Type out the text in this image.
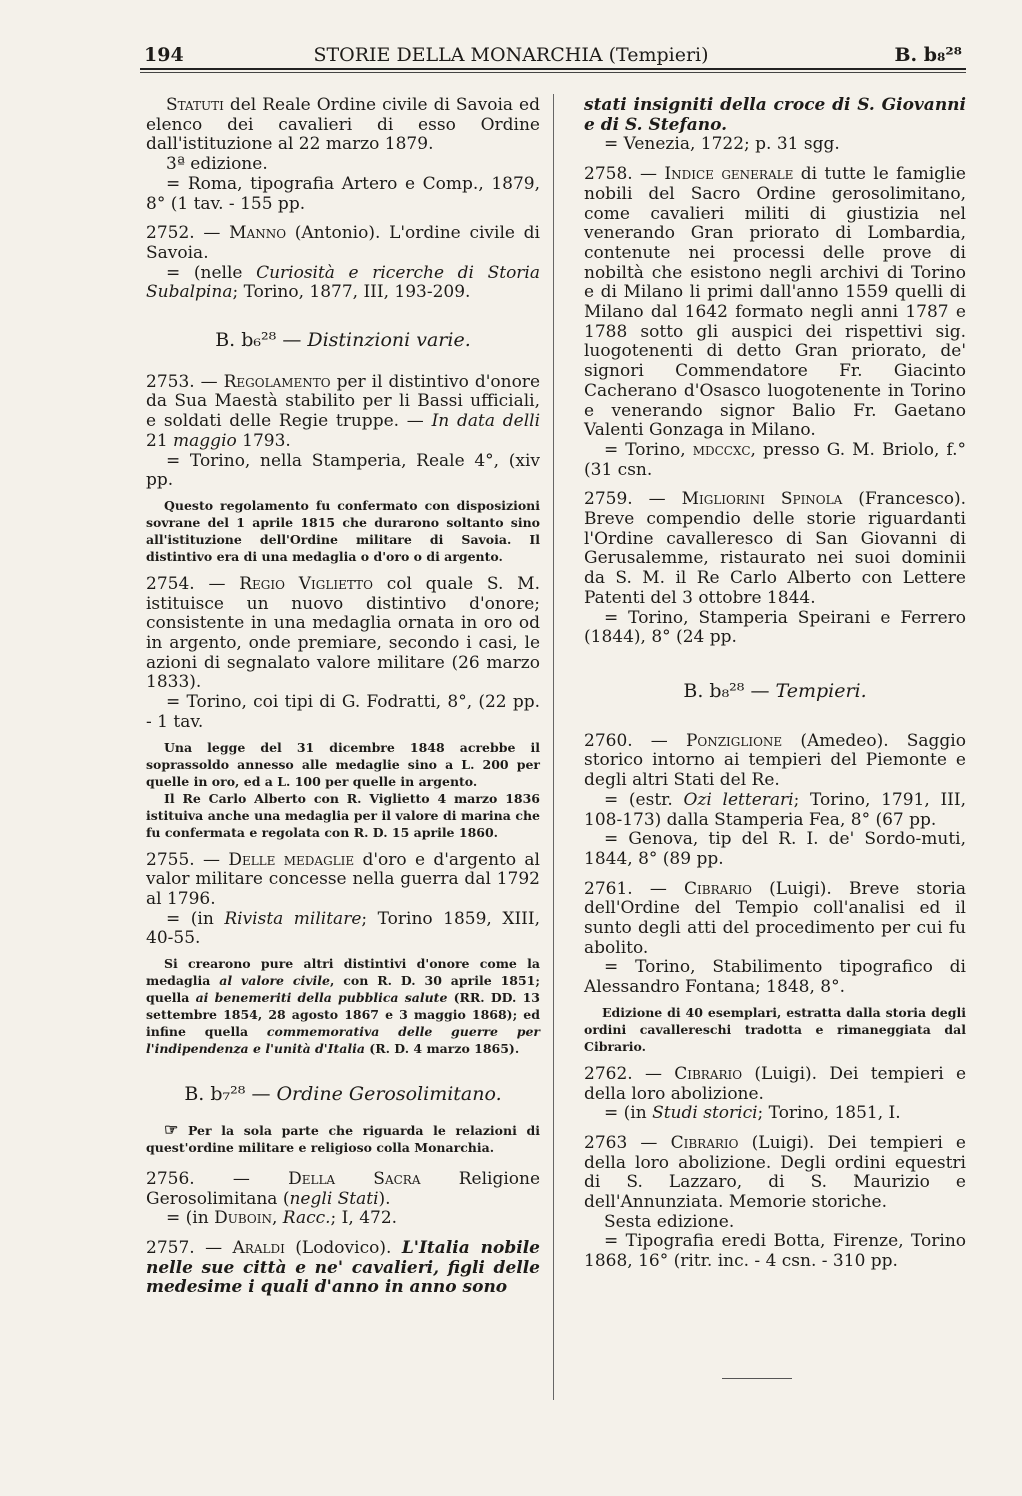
194	STORIE DELLA MONARCHIA (Tempieri)	B. b₈²⁸

Statuti del Reale Ordine civile di Savoia ed elenco dei cavalieri di esso Ordine dall'istituzione al 22 marzo 1879.

3ª edizione.

= Roma, tipografia Artero e Comp., 1879, 8° (1 tav. - 155 pp.

2752. — Manno (Antonio). L'ordine civile di Savoia.

= (nelle Curiosità e ricerche di Storia Subalpina; Torino, 1877, III, 193-209.

B. b₆²⁸ — Distinzioni varie.

2753. — Regolamento per il distintivo d'onore da Sua Maestà stabilito per li Bassi ufficiali, e soldati delle Regie truppe. — In data delli 21 maggio 1793.

= Torino, nella Stamperia, Reale 4°, (xiv pp.

Questo regolamento fu confermato con disposizioni sovrane del 1 aprile 1815 che durarono soltanto sino all'istituzione dell'Ordine militare di Savoia. Il distintivo era di una medaglia o d'oro o di argento.

2754. — Regio Viglietto col quale S. M. istituisce un nuovo distintivo d'onore; consistente in una medaglia ornata in oro od in argento, onde premiare, secondo i casi, le azioni di segnalato valore militare (26 marzo 1833).

= Torino, coi tipi di G. Fodratti, 8°, (22 pp. - 1 tav.

Una legge del 31 dicembre 1848 acrebbe il soprassoldo annesso alle medaglie sino a L. 200 per quelle in oro, ed a L. 100 per quelle in argento.

Il Re Carlo Alberto con R. Viglietto 4 marzo 1836 istituiva anche una medaglia per il valore di marina che fu confermata e regolata con R. D. 15 aprile 1860.

2755. — Delle medaglie d'oro e d'argento al valor militare concesse nella guerra dal 1792 al 1796.

= (in Rivista militare; Torino 1859, XIII, 40-55.

Si crearono pure altri distintivi d'onore come la medaglia al valore civile, con R. D. 30 aprile 1851; quella ai benemeriti della pubblica salute (RR. DD. 13 settembre 1854, 28 agosto 1867 e 3 maggio 1868); ed infine quella commemorativa delle guerre per l'indipendenza e l'unità d'Italia (R. D. 4 marzo 1865).

B. b₇²⁸ — Ordine Gerosolimitano.

☞ Per la sola parte che riguarda le relazioni di quest'ordine militare e religioso colla Monarchia.

2756. — Della Sacra Religione Gerosolimitana (negli Stati).

= (in Duboin, Racc.; I, 472.

2757. — Araldi (Lodovico). L'Italia nobile nelle sue città e ne' cavalieri, figli delle medesime i quali d'anno in anno sono

stati insigniti della croce di S. Giovanni e di S. Stefano.

= Venezia, 1722; p. 31 sgg.

2758. — Indice generale di tutte le famiglie nobili del Sacro Ordine gerosolimitano, come cavalieri militi di giustizia nel venerando Gran priorato di Lombardia, contenute nei processi delle prove di nobiltà che esistono negli archivi di Torino e di Milano li primi dall'anno 1559 quelli di Milano dal 1642 formato negli anni 1787 e 1788 sotto gli auspici dei rispettivi sig. luogotenenti di detto Gran priorato, de' signori Commendatore Fr. Giacinto Cacherano d'Osasco luogotenente in Torino e venerando signor Balio Fr. Gaetano Valenti Gonzaga in Milano.

= Torino, mdccxc, presso G. M. Briolo, f.° (31 csn.

2759. — Migliorini Spinola (Francesco). Breve compendio delle storie riguardanti l'Ordine cavalleresco di San Giovanni di Gerusalemme, ristaurato nei suoi dominii da S. M. il Re Carlo Alberto con Lettere Patenti del 3 ottobre 1844.

= Torino, Stamperia Speirani e Ferrero (1844), 8° (24 pp.

B. b₈²⁸ — Tempieri.

2760. — Ponziglione (Amedeo). Saggio storico intorno ai tempieri del Piemonte e degli altri Stati del Re.

= (estr. Ozi letterari; Torino, 1791, III, 108-173) dalla Stamperia Fea, 8° (67 pp.

= Genova, tip del R. I. de' Sordo-muti, 1844, 8° (89 pp.

2761. — Cibrario (Luigi). Breve storia dell'Ordine del Tempio coll'analisi ed il sunto degli atti del procedimento per cui fu abolito.

= Torino, Stabilimento tipografico di Alessandro Fontana; 1848, 8°.

Edizione di 40 esemplari, estratta dalla storia degli ordini cavallereschi tradotta e rimaneggiata dal Cibrario.

2762. — Cibrario (Luigi). Dei tempieri e della loro abolizione.

= (in Studi storici; Torino, 1851, I.

2763 — Cibrario (Luigi). Dei tempieri e della loro abolizione. Degli ordini equestri di S. Lazzaro, di S. Maurizio e dell'Annunziata. Memorie storiche.

Sesta edizione.

= Tipografia eredi Botta, Firenze, Torino 1868, 16° (ritr. inc. - 4 csn. - 310 pp.
